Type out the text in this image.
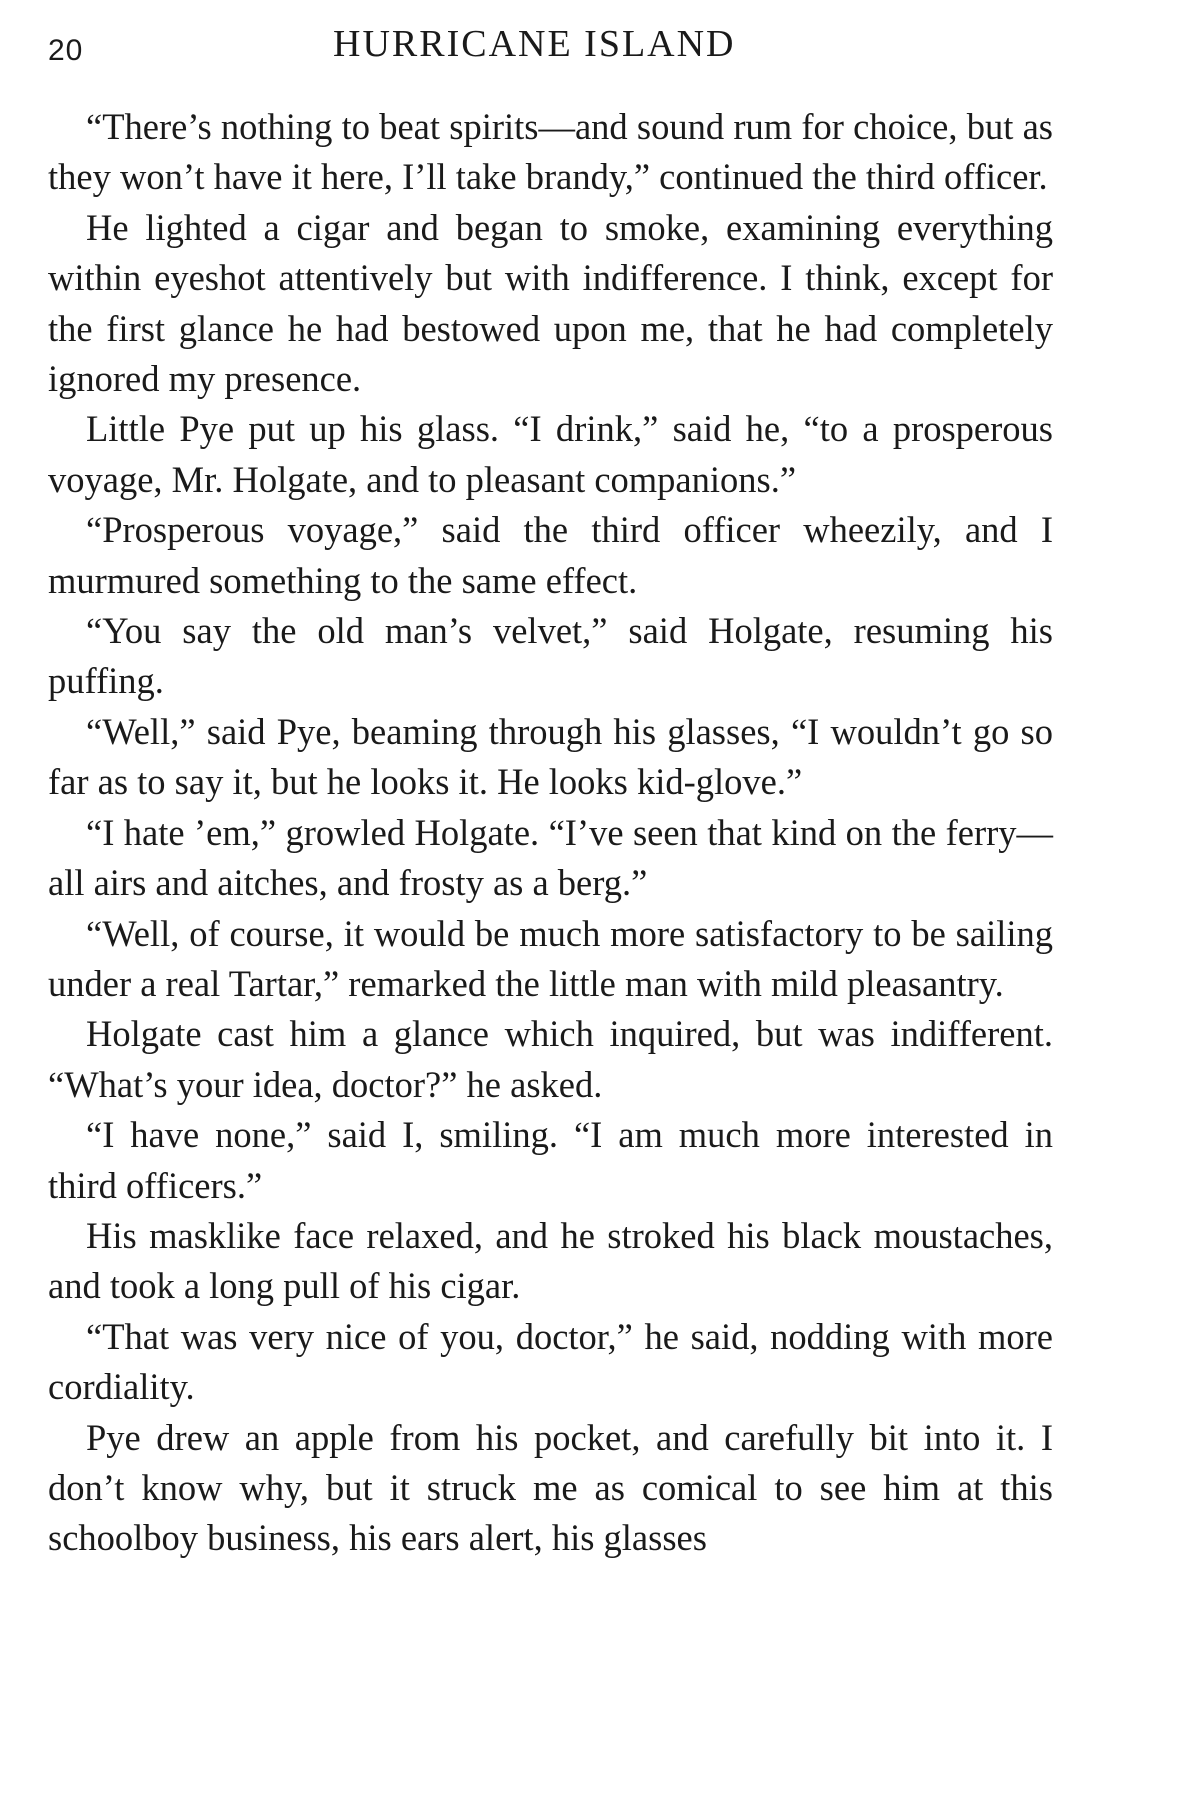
20	HURRICANE ISLAND

“There’s nothing to beat spirits—and sound rum for choice, but as they won’t have it here, I’ll take brandy,” continued the third officer.

He lighted a cigar and began to smoke, examining everything within eyeshot attentively but with indifference. I think, except for the first glance he had bestowed upon me, that he had completely ignored my presence.

Little Pye put up his glass. “I drink,” said he, “to a prosperous voyage, Mr. Holgate, and to pleasant companions.”

“Prosperous voyage,” said the third officer wheezily, and I murmured something to the same effect.

“You say the old man’s velvet,” said Holgate, resuming his puffing.

“Well,” said Pye, beaming through his glasses, “I wouldn’t go so far as to say it, but he looks it. He looks kid-glove.”

“I hate ’em,” growled Holgate. “I’ve seen that kind on the ferry—all airs and aitches, and frosty as a berg.”

“Well, of course, it would be much more satisfactory to be sailing under a real Tartar,” remarked the little man with mild pleasantry.

Holgate cast him a glance which inquired, but was indifferent. “What’s your idea, doctor?” he asked.

“I have none,” said I, smiling. “I am much more interested in third officers.”

His masklike face relaxed, and he stroked his black moustaches, and took a long pull of his cigar.

“That was very nice of you, doctor,” he said, nodding with more cordiality.

Pye drew an apple from his pocket, and carefully bit into it. I don’t know why, but it struck me as comical to see him at this schoolboy business, his ears alert, his glasses
